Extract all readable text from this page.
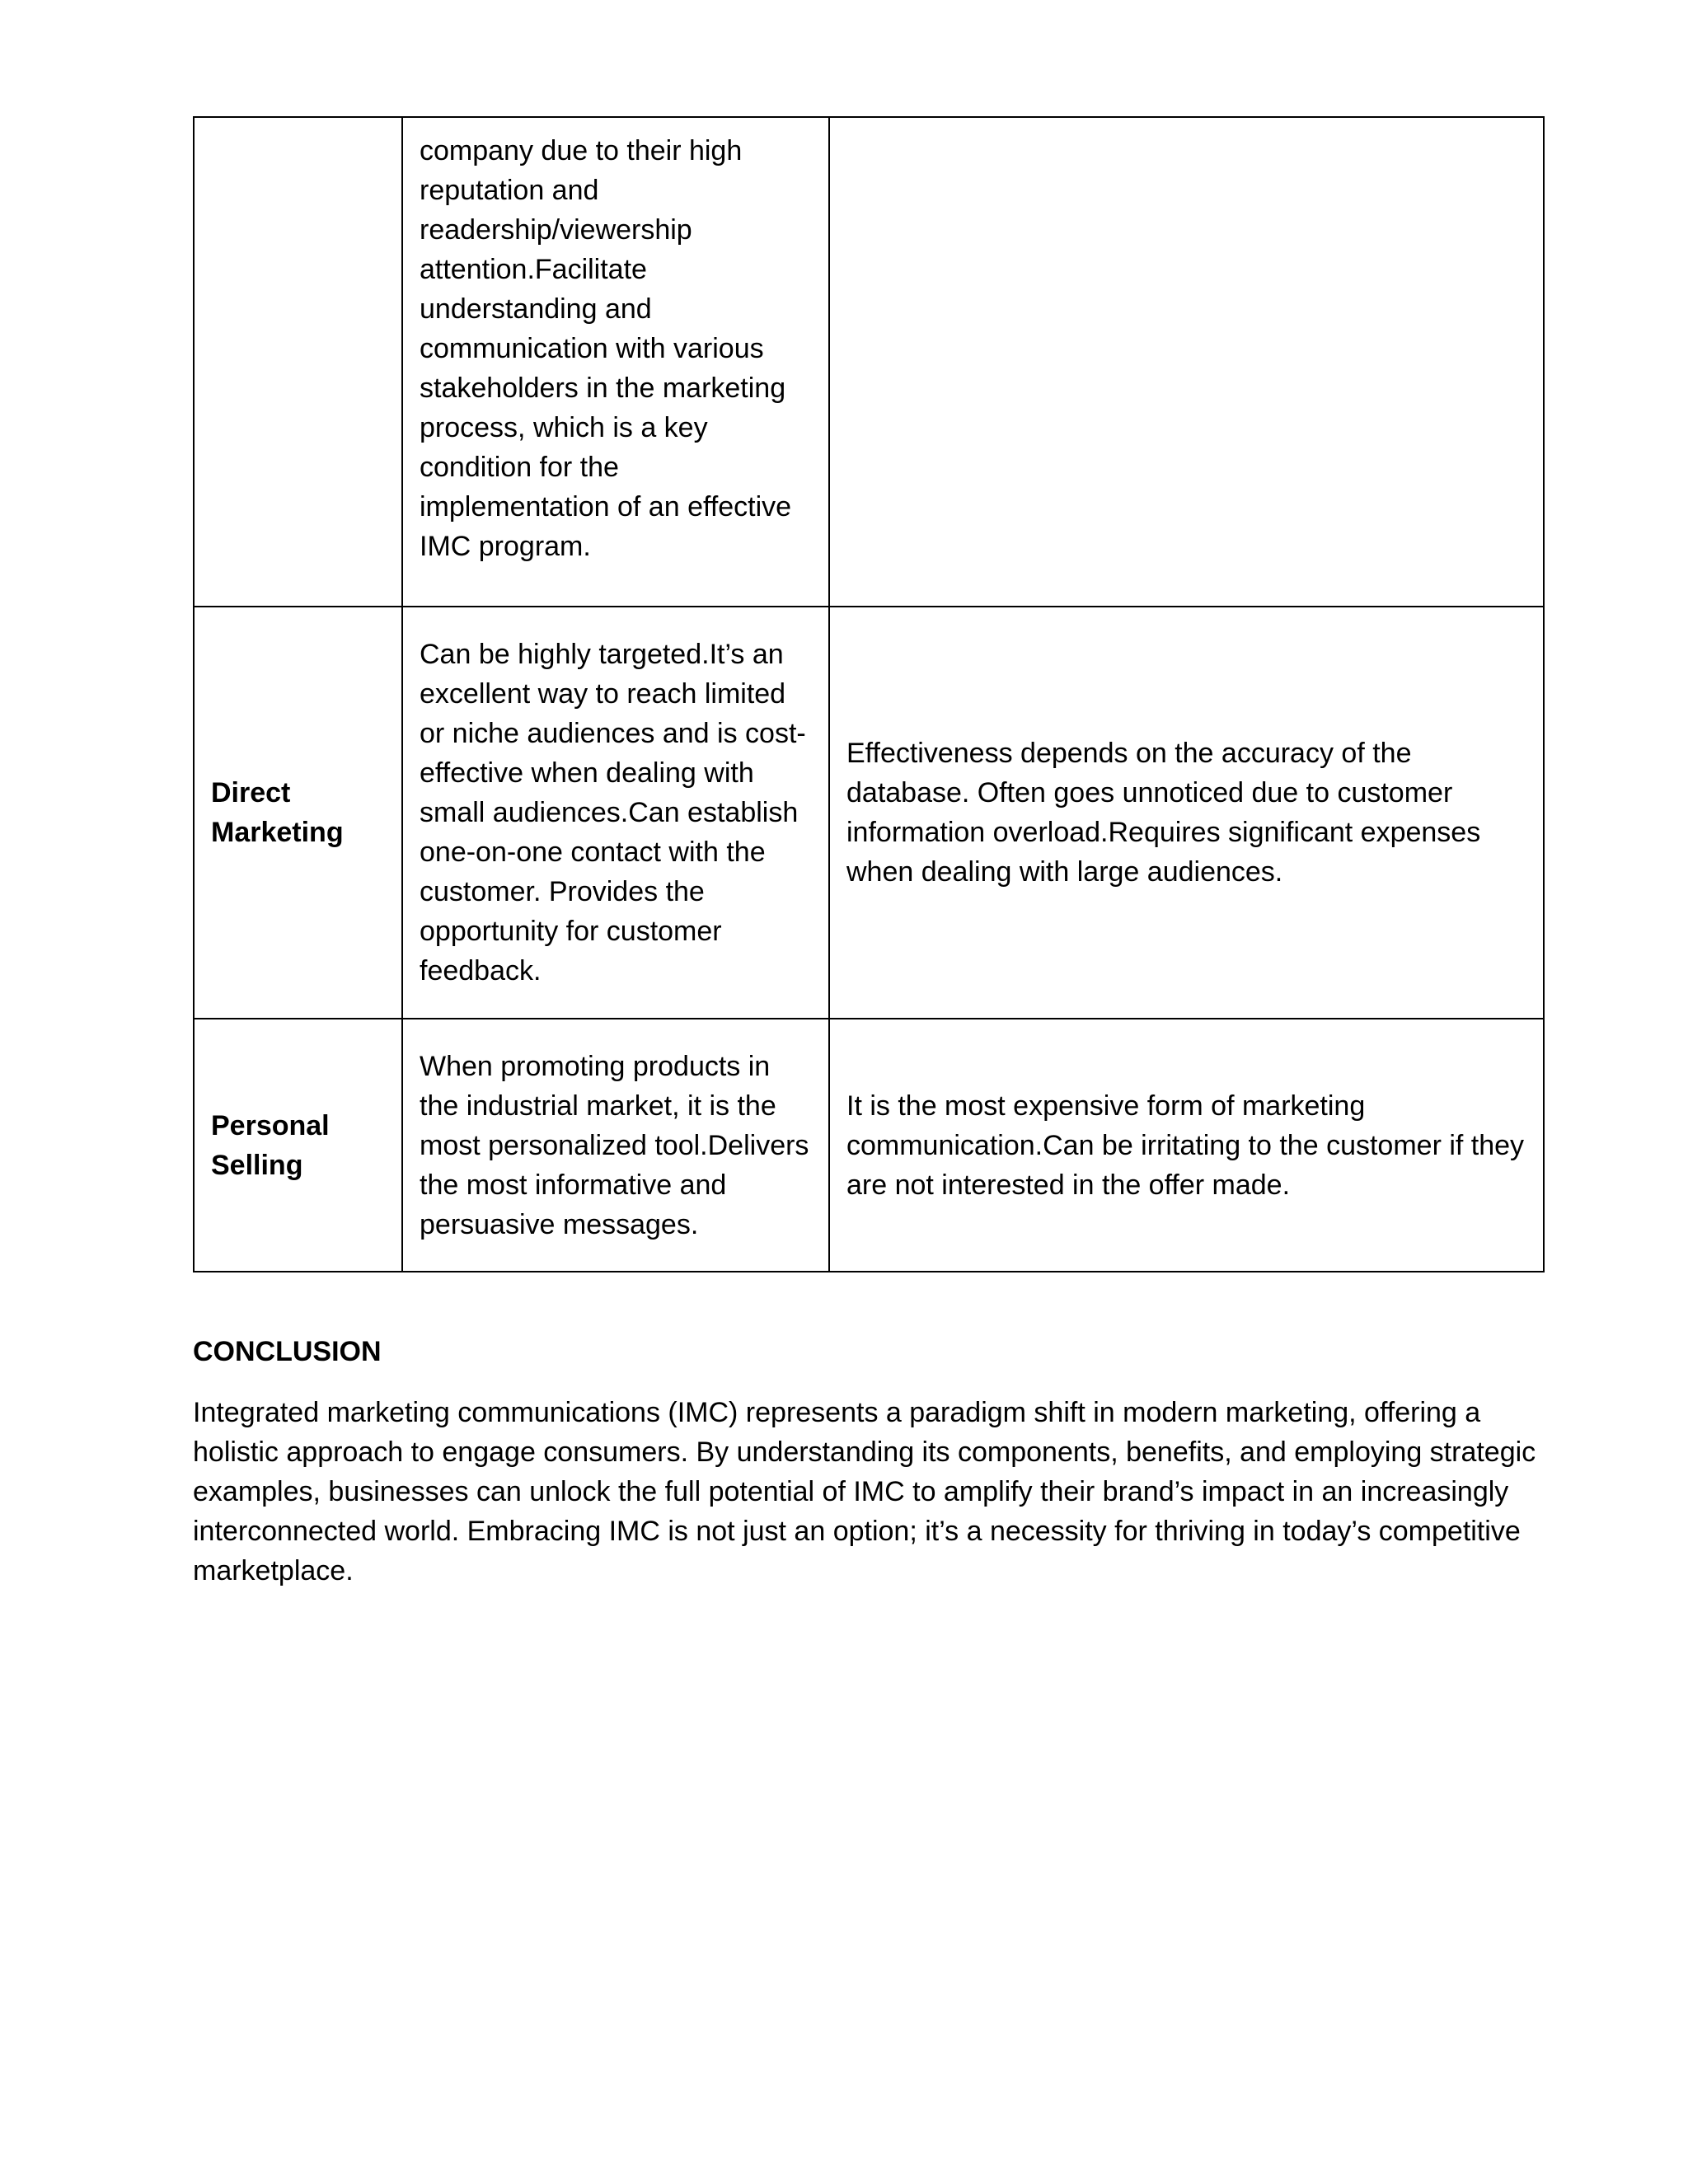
	company due to their high reputation and readership/viewership attention.Facilitate understanding and communication with various stakeholders in the marketing process, which is a key condition for the implementation of an effective IMC program.	
Direct Marketing	Can be highly targeted.It’s an excellent way to reach limited or niche audiences and is cost-effective when dealing with small audiences.Can establish one-on-one contact with the customer. Provides the opportunity for customer feedback.	Effectiveness depends on the accuracy of the database. Often goes unnoticed due to customer information overload.Requires significant expenses when dealing with large audiences.
Personal Selling	When promoting products in the industrial market, it is the most personalized tool.Delivers the most informative and persuasive messages.	It is the most expensive form of marketing communication.Can be irritating to the customer if they are not interested in the offer made.
CONCLUSION

Integrated marketing communications (IMC) represents a paradigm shift in modern marketing, offering a holistic approach to engage consumers. By understanding its components, benefits, and employing strategic examples, businesses can unlock the full potential of IMC to amplify their brand’s impact in an increasingly interconnected world. Embracing IMC is not just an option; it’s a necessity for thriving in today’s competitive marketplace.
